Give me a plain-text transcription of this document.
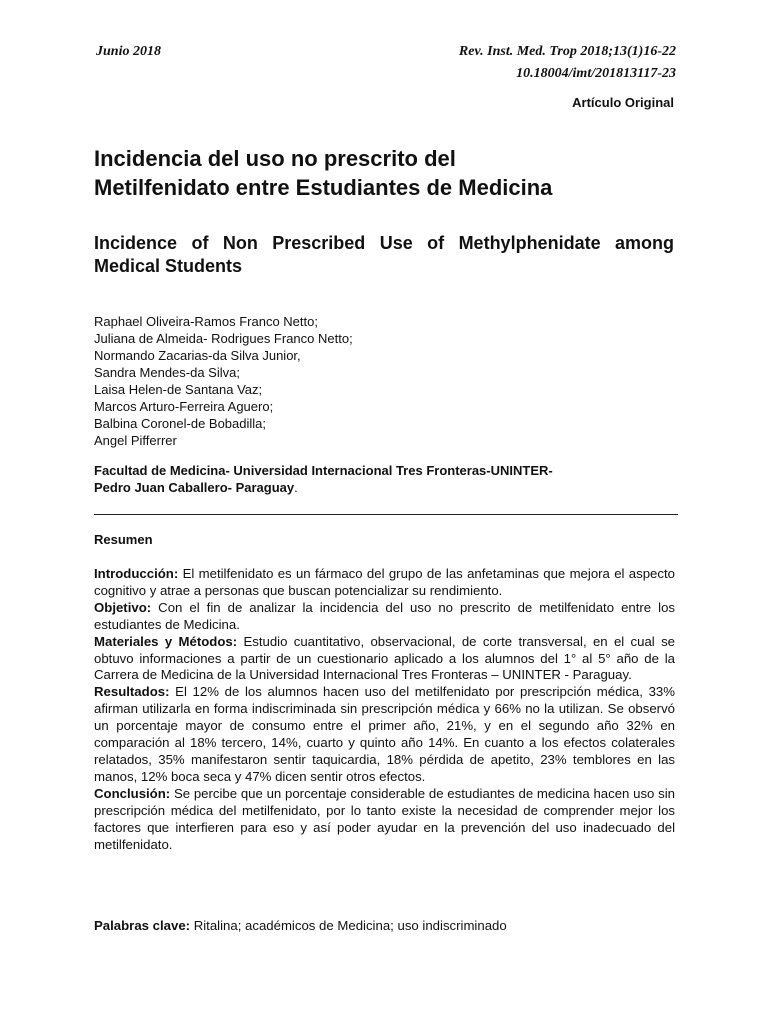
Junio 2018	Rev. Inst. Med. Trop 2018;13(1)16-22
10.18004/imt/201813117-23
Artículo Original
Incidencia del uso no prescrito del
Metilfenidato entre Estudiantes de Medicina
Incidence of Non Prescribed Use of Methylphenidate among Medical Students
Raphael Oliveira-Ramos Franco Netto;
Juliana de Almeida- Rodrigues Franco Netto;
Normando Zacarias-da Silva Junior,
Sandra Mendes-da Silva;
Laisa Helen-de Santana Vaz;
Marcos Arturo-Ferreira Aguero;
Balbina Coronel-de Bobadilla;
Angel Pifferrer
Facultad de Medicina- Universidad Internacional Tres Fronteras-UNINTER-
Pedro Juan Caballero- Paraguay.
Resumen

Introducción: El metilfenidato es un fármaco del grupo de las anfetaminas que mejora el aspecto cognitivo y atrae a personas que buscan potencializar su rendimiento.

Objetivo: Con el fin de analizar la incidencia del uso no prescrito de metilfenidato entre los estudiantes de Medicina.

Materiales y Métodos: Estudio cuantitativo, observacional, de corte transversal, en el cual se obtuvo informaciones a partir de un cuestionario aplicado a los alumnos del 1° al 5° año de la Carrera de Medicina de la Universidad Internacional Tres Fronteras – UNINTER - Paraguay.

Resultados: El 12% de los alumnos hacen uso del metilfenidato por prescripción médica, 33% afirman utilizarla en forma indiscriminada sin prescripción médica y 66% no la utilizan. Se observó un porcentaje mayor de consumo entre el primer año, 21%, y en el segundo año 32% en comparación al 18% tercero, 14%, cuarto y quinto año 14%. En cuanto a los efectos colaterales relatados, 35% manifestaron sentir taquicardia, 18% pérdida de apetito, 23% temblores en las manos, 12% boca seca y 47% dicen sentir otros efectos.

Conclusión: Se percibe que un porcentaje considerable de estudiantes de medicina hacen uso sin prescripción médica del metilfenidato, por lo tanto existe la necesidad de comprender mejor los factores que interfieren para eso y así poder ayudar en la prevención del uso inadecuado del metilfenidato.

Palabras clave: Ritalina; académicos de Medicina; uso indiscriminado
